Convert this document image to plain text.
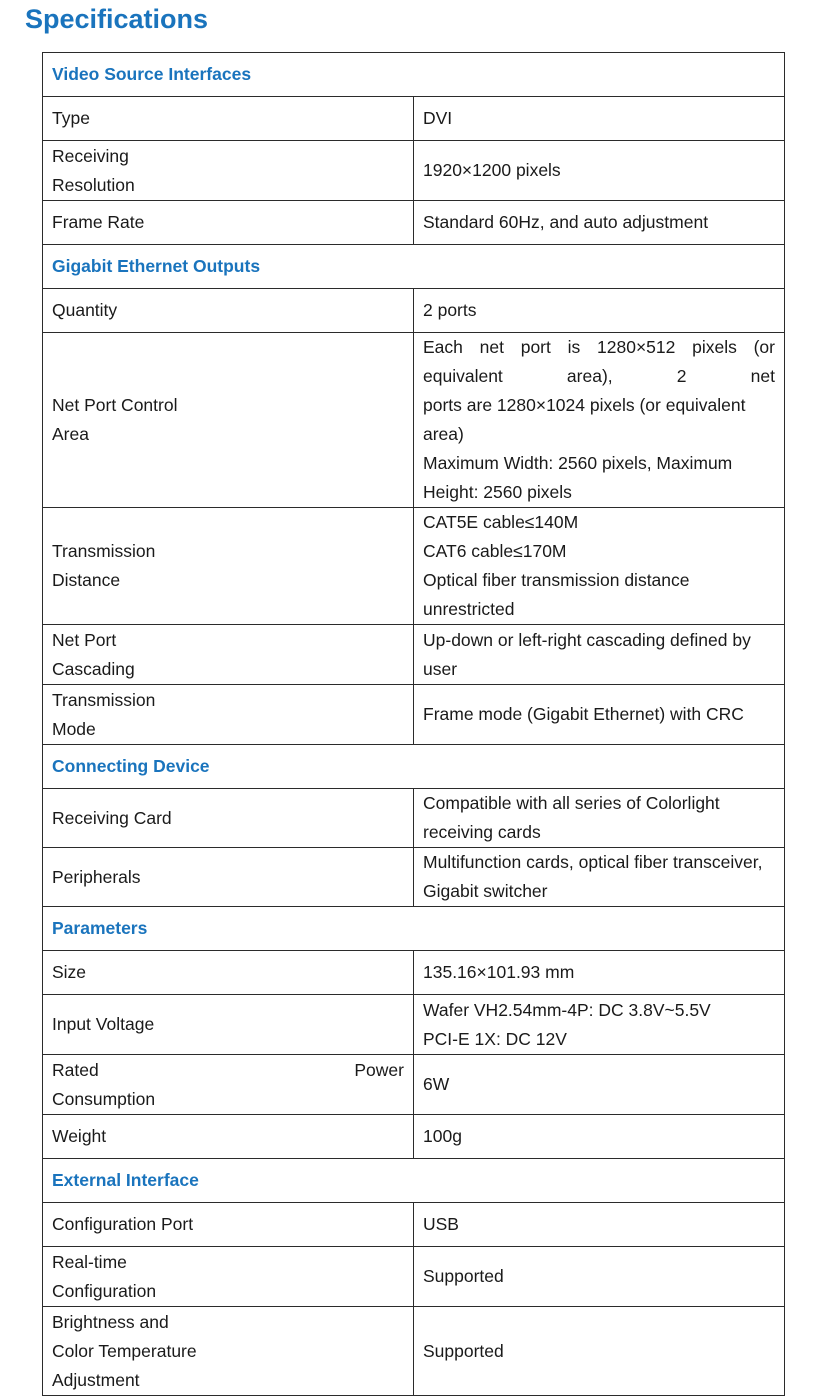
Specifications
Video Source Interfaces	

Type	DVI

Receiving
Resolution	1920×1200 pixels

Frame Rate	Standard 60Hz, and auto adjustment

Gigabit Ethernet Outputs	

Quantity	2 ports

Net Port Control
Area	Each net port is 1280×512 pixels (or equivalent area), 2 net
ports are 1280×1024 pixels (or equivalent area)
Maximum Width: 2560 pixels, Maximum Height: 2560 pixels

Transmission
Distance	CAT5E cable≤140M
CAT6 cable≤170M
Optical fiber transmission distance unrestricted

Net Port
Cascading	Up-down or left-right cascading defined by user

Transmission
Mode	Frame mode (Gigabit Ethernet) with CRC

Connecting Device	

Receiving Card	Compatible with all series of Colorlight receiving cards

Peripherals	Multifunction cards, optical fiber transceiver, Gigabit switcher

Parameters	

Size	135.16×101.93 mm

Input Voltage	Wafer VH2.54mm-4P: DC 3.8V~5.5V
PCI-E 1X: DC 12V

Rated Power
Consumption	6W

Weight	100g

External Interface	

Configuration Port	USB

Real-time
Configuration	Supported

Brightness and
Color Temperature
Adjustment	Supported
